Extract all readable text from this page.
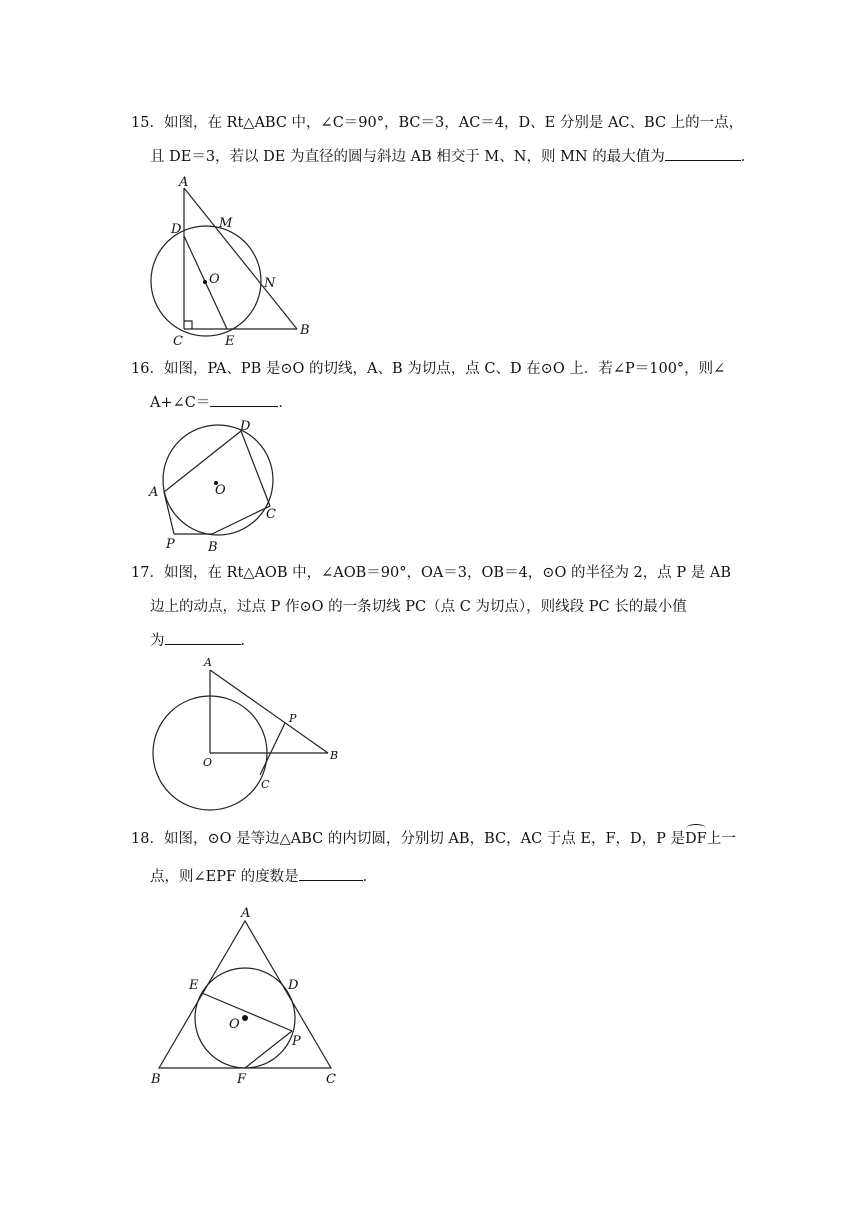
15．如图，在 Rt△ABC 中，∠C＝90°，BC＝3，AC＝4，D、E 分别是 AC、BC 上的一点，
且 DE＝3，若以 DE 为直径的圆与斜边 AB 相交于 M、N，则 MN 的最大值为	．
A
D	M
O	N
C	E
B
16．如图，PA、PB 是⊙O 的切线，A、B 为切点，点 C、D 在⊙O 上．若∠P＝100°，则∠
A+∠C＝	．
D
A	O
C
P	B
17．如图，在 Rt△AOB 中，∠AOB＝90°，OA＝3，OB＝4，⊙O 的半径为 2，点 P 是 AB
边上的动点，过点 P 作⊙O 的一条切线 PC（点 C 为切点），则线段 PC 长的最小值
为	．
A
P
O
B
C
18．如图，⊙O 是等边△ABC 的内切圆，分别切 AB，BC，AC 于点 E，F，D，P 是DF上一
点，则∠EPF 的度数是	．
A
E	D
O
P
B	F	C
